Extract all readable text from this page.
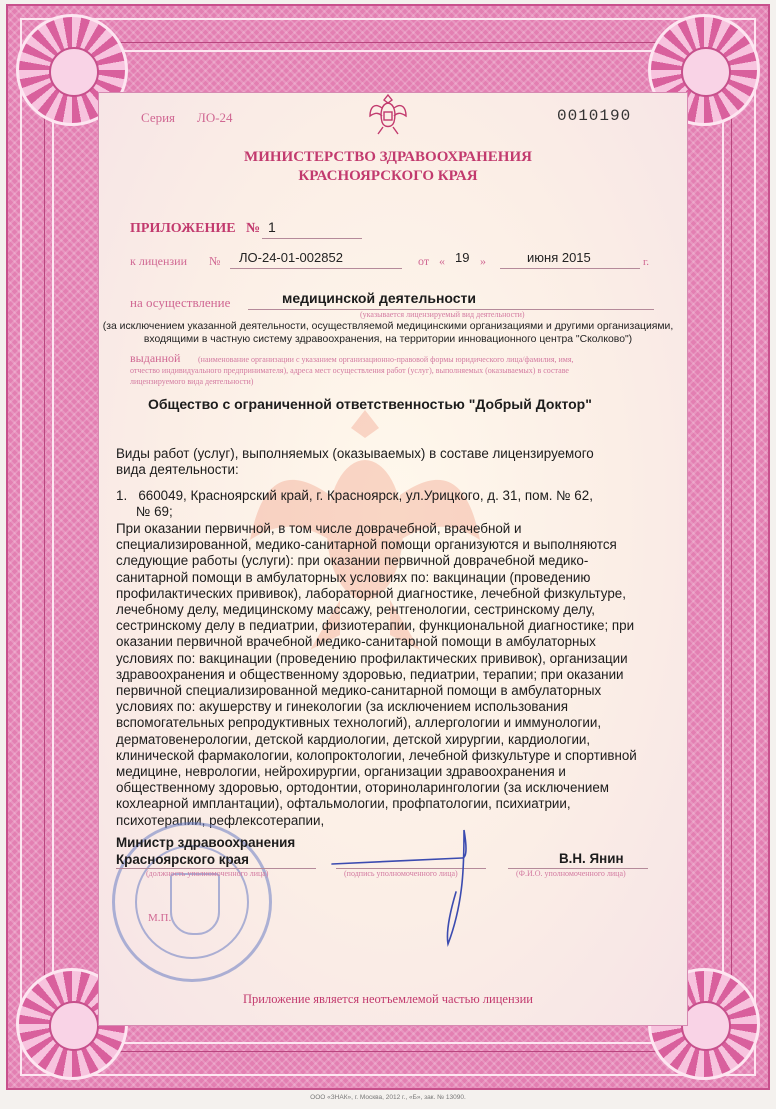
Серия ЛО-24	0010190
МИНИСТЕРСТВО ЗДРАВООХРАНЕНИЯ
КРАСНОЯРСКОГО КРАЯ
ПРИЛОЖЕНИЕ № 1
к лицензии № ЛО-24-01-002852	от « 19 »	июня 2015	г.
на осуществление	медицинской деятельности
(указывается лицензируемый вид деятельности)
(за исключением указанной деятельности, осуществляемой медицинскими организациями и другими организациями,
входящими в частную систему здравоохранения, на территории инновационного центра "Сколково")
выданной (наименование организации с указанием организационно-правовой формы юридического лица/фамилия, имя,
отчество индивидуального предпринимателя), адреса мест осуществления работ (услуг), выполняемых (оказываемых) в составе
лицензируемого вида деятельности)
Общество с ограниченной ответственностью "Добрый Доктор"
Виды работ (услуг), выполняемых (оказываемых) в составе лицензируемого
вида деятельности:
1. 660049, Красноярский край, г. Красноярск, ул.Урицкого, д. 31, пом. № 62,
№ 69;
При оказании первичной, в том числе доврачебной, врачебной и
специализированной, медико-санитарной помощи организуются и выполняются
следующие работы (услуги): при оказании первичной доврачебной медико-
санитарной помощи в амбулаторных условиях по: вакцинации (проведению
профилактических прививок), лабораторной диагностике, лечебной физкультуре,
лечебному делу, медицинскому массажу, рентгенологии, сестринскому делу,
сестринскому делу в педиатрии, физиотерапии, функциональной диагностике; при
оказании первичной врачебной медико-санитарной помощи в амбулаторных
условиях по: вакцинации (проведению профилактических прививок), организации
здравоохранения и общественному здоровью, педиатрии, терапии; при оказании
первичной специализированной медико-санитарной помощи в амбулаторных
условиях по: акушерству и гинекологии (за исключением использования
вспомогательных репродуктивных технологий), аллергологии и иммунологии,
дерматовенерологии, детской кардиологии, детской хирургии, кардиологии,
клинической фармакологии, колопроктологии, лечебной физкультуре и спортивной
медицине, неврологии, нейрохирургии, организации здравоохранения и
общественному здоровью, ортодонтии, оториноларингологии (за исключением
кохлеарной имплантации), офтальмологии, профпатологии, психиатрии,
психотерапии, рефлексотерапии,
Министр здравоохранения
Красноярского края
(должность уполномоченного лица)	(подпись уполномоченного лица)
В.Н. Янин
(Ф.И.О. уполномоченного лица)
М.П.
Приложение является неотъемлемой частью лицензии
ООО «ЗНАК», г. Москва, 2012 г., «Б», зак. № 13090.
